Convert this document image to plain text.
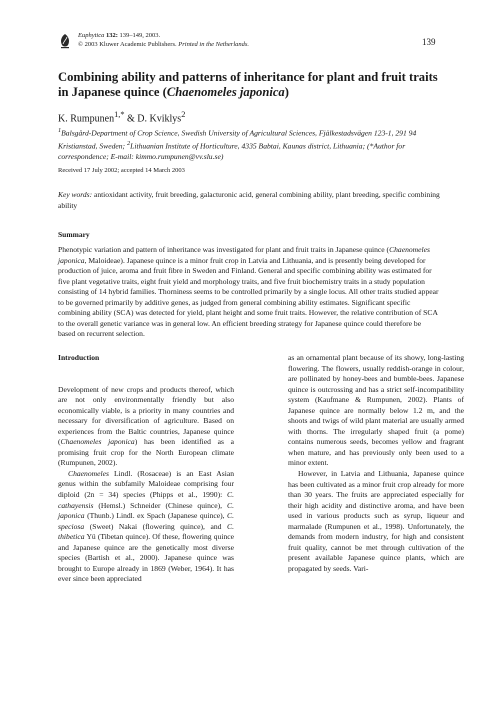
Euphytica 132: 139–149, 2003.
© 2003 Kluwer Academic Publishers. Printed in the Netherlands.	139
Combining ability and patterns of inheritance for plant and fruit traits in Japanese quince (Chaenomeles japonica)
K. Rumpunen$^{1,*}$ & D. Kviklys$^2$
$^1$Balsgård-Department of Crop Science, Swedish University of Agricultural Sciences, Fjälkestadsvägen 123-1, 291 94 Kristianstad, Sweden; $^2$Lithuanian Institute of Horticulture, 4335 Babtai, Kaunas district, Lithuania; (*Author for correspondence; E-mail: kimmo.rumpunen@vv.slu.se)
Received 17 July 2002; accepted 14 March 2003
Key words: antioxidant activity, fruit breeding, galacturonic acid, general combining ability, plant breeding, specific combining ability
Summary
Phenotypic variation and pattern of inheritance was investigated for plant and fruit traits in Japanese quince (Chaenomeles japonica, Maloideae). Japanese quince is a minor fruit crop in Latvia and Lithuania, and is presently being developed for production of juice, aroma and fruit fibre in Sweden and Finland. General and specific combining ability was estimated for five plant vegetative traits, eight fruit yield and morphology traits, and five fruit biochemistry traits in a study population consisting of 14 hybrid families. Thorniness seems to be controlled primarily by a single locus. All other traits studied appear to be governed primarily by additive genes, as judged from general combining ability estimates. Significant specific combining ability (SCA) was detected for yield, plant height and some fruit traits. However, the relative contribution of SCA to the overall genetic variance was in general low. An efficient breeding strategy for Japanese quince could therefore be based on recurrent selection.

Introduction

Development of new crops and products thereof, which are not only environmentally friendly but also economically viable, is a priority in many countries and necessary for diversification of agriculture. Based on experiences from the Baltic countries, Japanese quince (Chaenomeles japonica) has been identified as a promising fruit crop for the North European climate (Rumpunen, 2002).

Chaenomeles Lindl. (Rosaceae) is an East Asian genus within the subfamily Maloideae comprising four diploid (2n = 34) species (Phipps et al., 1990): C. cathayensis (Hemsl.) Schneider (Chinese quince), C. japonica (Thunb.) Lindl. ex Spach (Japanese quince), C. speciosa (Sweet) Nakai (flowering quince), and C. thibetica Yü (Tibetan quince). Of these, flowering quince and Japanese quince are the genetically most diverse species (Bartish et al., 2000). Japanese quince was brought to Europe already in 1869 (Weber, 1964). It has ever since been appreciated

as an ornamental plant because of its showy, long-lasting flowering. The flowers, usually reddish-orange in colour, are pollinated by honey-bees and bumble-bees. Japanese quince is outcrossing and has a strict self-incompatibility system (Kaufmane & Rumpunen, 2002). Plants of Japanese quince are normally below 1.2 m, and the shoots and twigs of wild plant material are usually armed with thorns. The irregularly shaped fruit (a pome) contains numerous seeds, becomes yellow and fragrant when mature, and has previously only been used to a minor extent.

However, in Latvia and Lithuania, Japanese quince has been cultivated as a minor fruit crop already for more than 30 years. The fruits are appreciated especially for their high acidity and distinctive aroma, and have been used in various products such as syrup, liqueur and marmalade (Rumpunen et al., 1998). Unfortunately, the demands from modern industry, for high and consistent fruit quality, cannot be met through cultivation of the present available Japanese quince plants, which are propagated by seeds. Vari-
